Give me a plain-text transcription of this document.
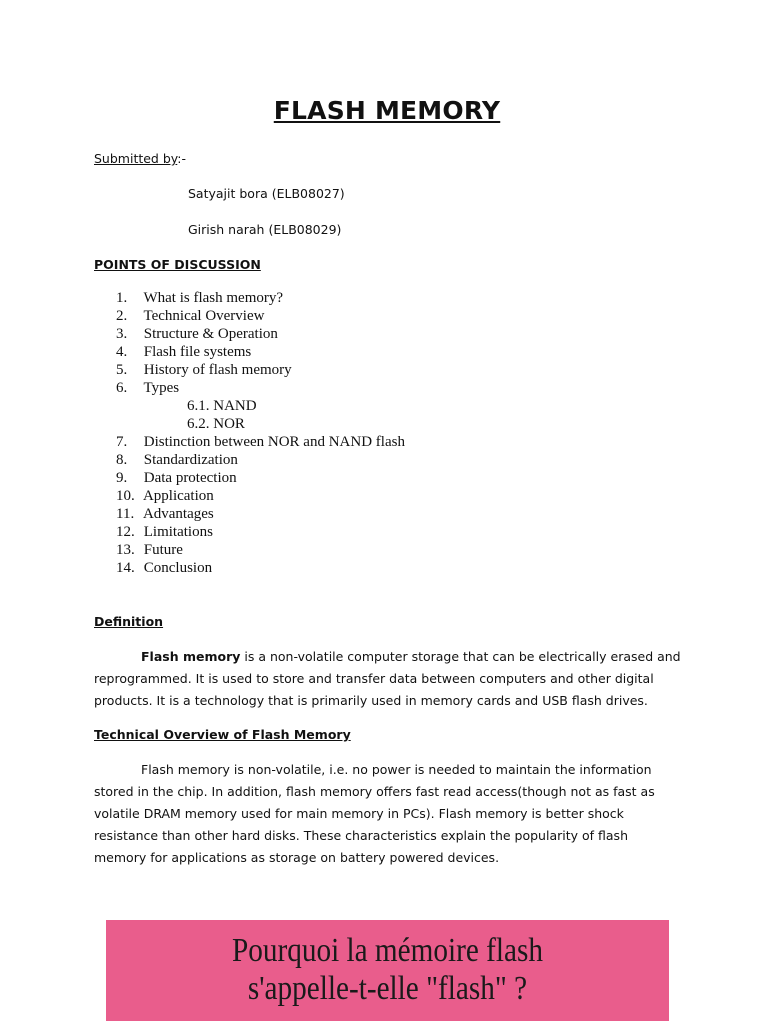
FLASH MEMORY
Submitted by:-
Satyajit bora (ELB08027)
Girish narah (ELB08029)
POINTS OF DISCUSSION
1. What is flash memory?
2. Technical Overview
3. Structure & Operation
4. Flash file systems
5. History of flash memory
6. Types
6.1. NAND
6.2. NOR
7. Distinction between NOR and NAND flash
8. Standardization
9. Data protection
10. Application
11. Advantages
12. Limitations
13. Future
14. Conclusion
Definition

Flash memory is a non-volatile computer storage that can be electrically erased and reprogrammed. It is used to store and transfer data between computers and other digital products. It is a technology that is primarily used in memory cards and USB flash drives.

Technical Overview of Flash Memory

Flash memory is non-volatile, i.e. no power is needed to maintain the information stored in the chip. In addition, flash memory offers fast read access(though not as fast as volatile DRAM memory used for main memory in PCs). Flash memory is better shock resistance than other hard disks. These characteristics explain the popularity of flash memory for applications as storage on battery powered devices.

Pourquoi la mémoire flash
s'appelle-t-elle "flash" ?
